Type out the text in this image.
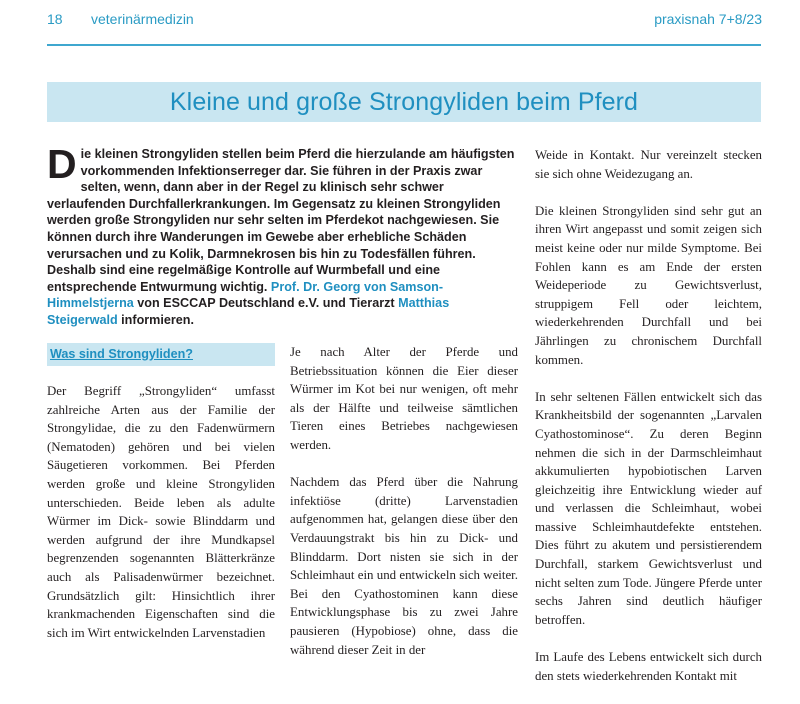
18 veterinärmedizin	praxisnah 7+8/23
Kleine und große Strongyliden beim Pferd
Die kleinen Strongyliden stellen beim Pferd die hierzulande am häufigsten vorkommenden Infektionserreger dar. Sie führen in der Praxis zwar selten, wenn, dann aber in der Regel zu klinisch sehr schwer verlaufenden Durchfallerkrankungen. Im Gegensatz zu kleinen Strongyliden werden große Strongyliden nur sehr selten im Pferdekot nachgewiesen. Sie können durch ihre Wanderungen im Gewebe aber erhebliche Schäden verursachen und zu Kolik, Darmnekrosen bis hin zu Todesfällen führen. Deshalb sind eine regelmäßige Kontrolle auf Wurmbefall und eine entsprechende Entwurmung wichtig. Prof. Dr. Georg von Samson-Himmelstjerna von ESCCAP Deutschland e.V. und Tierarzt Matthias Steigerwald informieren.
Was sind Strongyliden?

Der Begriff „Strongyliden“ umfasst zahlreiche Arten aus der Familie der Strongylidae, die zu den Fadenwürmern (Nematoden) gehören und bei vielen Säugetieren vorkommen. Bei Pferden werden große und kleine Strongyliden unterschieden. Beide leben als adulte Würmer im Dick- sowie Blinddarm und werden aufgrund der ihre Mundkapsel begrenzenden sogenannten Blätterkränze auch als Palisadenwürmer bezeichnet. Grundsätzlich gilt: Hinsichtlich ihrer krankmachenden Eigenschaften sind die sich im Wirt entwickelnden Larvenstadien

Je nach Alter der Pferde und Betriebssituation können die Eier dieser Würmer im Kot bei nur wenigen, oft mehr als der Hälfte und teilweise sämtlichen Tieren eines Betriebes nachgewiesen werden.

Nachdem das Pferd über die Nahrung infektiöse (dritte) Larvenstadien aufgenommen hat, gelangen diese über den Verdauungstrakt bis hin zu Dick- und Blinddarm. Dort nisten sie sich in der Schleimhaut ein und entwickeln sich weiter. Bei den Cyathostominen kann diese Entwicklungsphase bis zu zwei Jahre pausieren (Hypobiose) ohne, dass die während dieser Zeit in der

Weide in Kontakt. Nur vereinzelt stecken sie sich ohne Weidezugang an.

Die kleinen Strongyliden sind sehr gut an ihren Wirt angepasst und somit zeigen sich meist keine oder nur milde Symptome. Bei Fohlen kann es am Ende der ersten Weideperiode zu Gewichtsverlust, struppigem Fell oder leichtem, wiederkehrenden Durchfall und bei Jährlingen zu chronischem Durchfall kommen.

In sehr seltenen Fällen entwickelt sich das Krankheitsbild der sogenannten „Larvalen Cyathostominose“. Zu deren Beginn nehmen die sich in der Darmschleimhaut akkumulierten hypobiotischen Larven gleichzeitig ihre Entwicklung wieder auf und verlassen die Schleimhaut, wobei massive Schleimhautdefekte entstehen. Dies führt zu akutem und persistierendem Durchfall, starkem Gewichtsverlust und nicht selten zum Tode. Jüngere Pferde unter sechs Jahren sind deutlich häufiger betroffen.

Im Laufe des Lebens entwickelt sich durch den stets wiederkehrenden Kontakt mit
